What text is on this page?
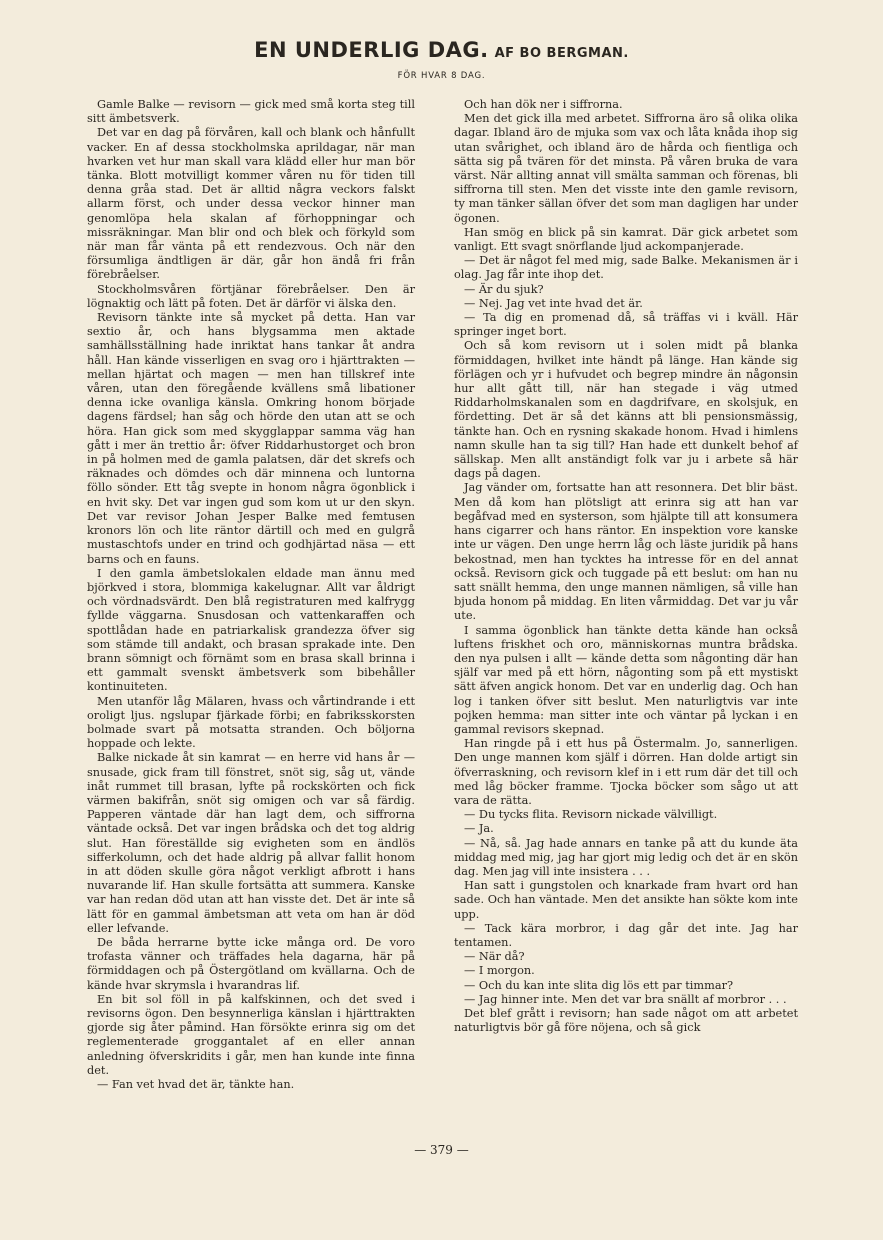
EN UNDERLIG DAG. AF BO BERGMAN.
FÖR HVAR 8 DAG.

Gamle Balke — revisorn — gick med små korta steg till sitt ämbetsverk.

Det var en dag på förvåren, kall och blank och hånfullt vacker. En af dessa stockholmska aprildagar, när man hvarken vet hur man skall vara klädd eller hur man bör tänka. Blott motvilligt kommer våren nu för tiden till denna gråa stad. Det är alltid några veckors falskt allarm först, och under dessa veckor hinner man genomlöpa hela skalan af förhoppningar och missräkningar. Man blir ond och blek och förkyld som när man får vänta på ett rendezvous. Och när den försumliga ändtligen är där, går hon ändå fri från förebråelser.

Stockholmsvåren förtjänar förebråelser. Den är lögnaktig och lätt på foten. Det är därför vi älska den.

Revisorn tänkte inte så mycket på detta. Han var sextio år, och hans blygsamma men aktade samhällsställning hade inriktat hans tankar åt andra håll. Han kände visserligen en svag oro i hjärttrakten — mellan hjärtat och magen — men han tillskref inte våren, utan den föregående kvällens små libationer denna icke ovanliga känsla. Omkring honom började dagens färdsel; han såg och hörde den utan att se och höra. Han gick som med skygglappar samma väg han gått i mer än trettio år: öfver Riddarhustorget och bron in på holmen med de gamla palatsen, där det skrefs och räknades och dömdes och där minnena och luntorna föllo sönder. Ett tåg svepte in honom några ögonblick i en hvit sky. Det var ingen gud som kom ut ur den skyn. Det var revisor Johan Jesper Balke med femtusen kronors lön och lite räntor därtill och med en gulgrå mustaschtofs under en trind och godhjärtad näsa — ett barns och en fauns.

I den gamla ämbetslokalen eldade man ännu med björkved i stora, blommiga kakelugnar. Allt var åldrigt och vördnadsvärdt. Den blå registraturen med kalfrygg fyllde väggarna. Snusdosan och vattenkaraffen och spottlådan hade en patriarkalisk grandezza öfver sig som stämde till andakt, och brasan sprakade inte. Den brann sömnigt och förnämt som en brasa skall brinna i ett gammalt svenskt ämbetsverk som bibehåller kontinuiteten.

Men utanför låg Mälaren, hvass och vårtindrande i ett oroligt ljus. ngslupar fjärkade förbi; en fabriksskorsten bolmade svart på motsatta stranden. Och böljorna hoppade och lekte.

Balke nickade åt sin kamrat — en herre vid hans år — snusade, gick fram till fönstret, snöt sig, såg ut, vände inåt rummet till brasan, lyfte på rockskörten och fick värmen bakifrån, snöt sig omigen och var så färdig. Papperen väntade där han lagt dem, och siffrorna väntade också. Det var ingen brådska och det tog aldrig slut. Han föreställde sig evigheten som en ändlös sifferkolumn, och det hade aldrig på allvar fallit honom in att döden skulle göra något verkligt afbrott i hans nuvarande lif. Han skulle fortsätta att summera. Kanske var han redan död utan att han visste det. Det är inte så lätt för en gammal ämbetsman att veta om han är död eller lefvande.

De båda herrarne bytte icke många ord. De voro trofasta vänner och träffades hela dagarna, här på förmiddagen och på Östergötland om kvällarna. Och de kände hvar skrymsla i hvarandras lif.

En bit sol föll in på kalfskinnen, och det sved i revisorns ögon. Den besynnerliga känslan i hjärttrakten gjorde sig åter påmind. Han försökte erinra sig om det reglementerade groggantalet af en eller annan anledning öfverskridits i går, men han kunde inte finna det.

— Fan vet hvad det är, tänkte han.

Och han dök ner i siffrorna.

Men det gick illa med arbetet. Siffrorna äro så olika olika dagar. Ibland äro de mjuka som vax och låta knåda ihop sig utan svårighet, och ibland äro de hårda och fientliga och sätta sig på tvären för det minsta. På våren bruka de vara värst. När allting annat vill smälta samman och förenas, bli siffrorna till sten. Men det visste inte den gamle revisorn, ty man tänker sällan öfver det som man dagligen har under ögonen.

Han smög en blick på sin kamrat. Där gick arbetet som vanligt. Ett svagt snörflande ljud ackompanjerade.

— Det är något fel med mig, sade Balke. Mekanismen är i olag. Jag får inte ihop det.

— Är du sjuk?

— Nej. Jag vet inte hvad det är.

— Ta dig en promenad då, så träffas vi i kväll. Här springer inget bort.

Och så kom revisorn ut i solen midt på blanka förmiddagen, hvilket inte händt på länge. Han kände sig förlägen och yr i hufvudet och begrep mindre än någonsin hur allt gått till, när han stegade i väg utmed Riddarholmskanalen som en dagdrifvare, en skolsjuk, en fördetting. Det är så det känns att bli pensionsmässig, tänkte han. Och en rysning skakade honom. Hvad i himlens namn skulle han ta sig till? Han hade ett dunkelt behof af sällskap. Men allt anständigt folk var ju i arbete så här dags på dagen.

Jag vänder om, fortsatte han att resonnera. Det blir bäst. Men då kom han plötsligt att erinra sig att han var begåfvad med en systerson, som hjälpte till att konsumera hans cigarrer och hans räntor. En inspektion vore kanske inte ur vägen. Den unge herrn låg och läste juridik på hans bekostnad, men han tycktes ha intresse för en del annat också. Revisorn gick och tuggade på ett beslut: om han nu satt snällt hemma, den unge mannen nämligen, så ville han bjuda honom på middag. En liten vårmiddag. Det var ju vår ute.

I samma ögonblick han tänkte detta kände han också luftens friskhet och oro, människornas muntra brådska. den nya pulsen i allt — kände detta som någonting där han själf var med på ett hörn, någonting som på ett mystiskt sätt äfven angick honom. Det var en underlig dag. Och han log i tanken öfver sitt beslut. Men naturligtvis var inte pojken hemma: man sitter inte och väntar på lyckan i en gammal revisors skepnad.

Han ringde på i ett hus på Östermalm. Jo, sannerligen. Den unge mannen kom själf i dörren. Han dolde artigt sin öfverraskning, och revisorn klef in i ett rum där det till och med låg böcker framme. Tjocka böcker som sågo ut att vara de rätta.

— Du tycks flita. Revisorn nickade välvilligt.

— Ja.

— Nå, så. Jag hade annars en tanke på att du kunde äta middag med mig, jag har gjort mig ledig och det är en skön dag. Men jag vill inte insistera . . .

Han satt i gungstolen och knarkade fram hvart ord han sade. Och han väntade. Men det ansikte han sökte kom inte upp.

— Tack kära morbror, i dag går det inte. Jag har tentamen.

— När då?

— I morgon.

— Och du kan inte slita dig lös ett par timmar?

— Jag hinner inte. Men det var bra snällt af morbror . . .

Det blef grått i revisorn; han sade något om att arbetet naturligtvis bör gå före nöjena, och så gick

— 379 —
